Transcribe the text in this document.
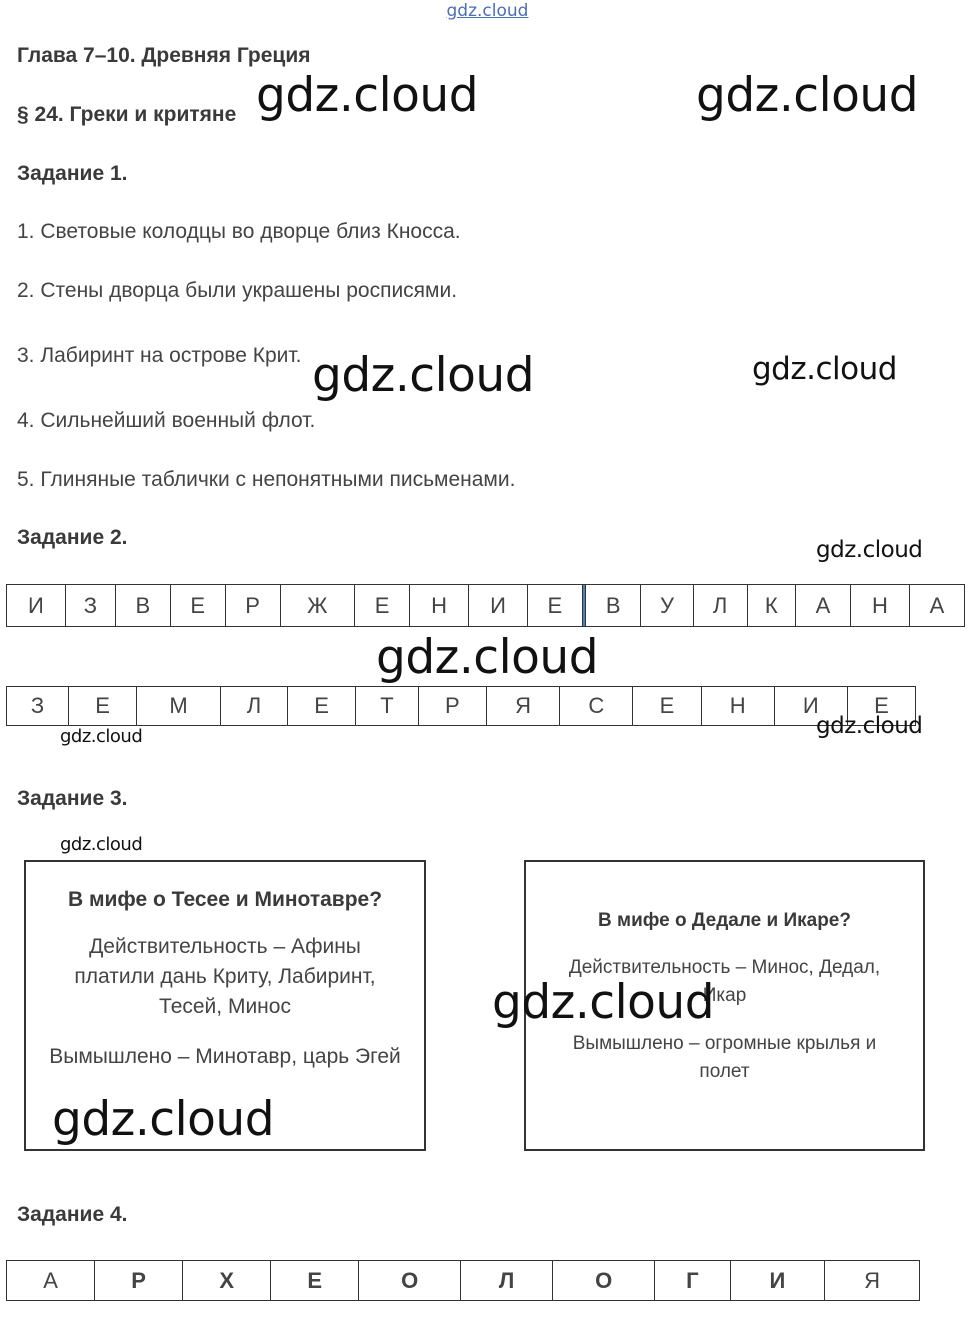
gdz.cloud
Глава 7–10. Древняя Греция
§ 24. Греки и критяне
Задание 1.
1. Световые колодцы во дворце близ Кносса.
2. Стены дворца были украшены росписями.
3. Лабиринт на острове Крит.
4. Сильнейший военный флот.
5. Глиняные таблички с непонятными письменами.
Задание 2.
И	З	В	Е	Р	Ж	Е	Н	И	Е		В	У	Л	К	А	Н	А
З	Е	М	Л	Е	Т	Р	Я	С	Е	Н	И	Е
Задание 3.

В мифе о Тесее и Минотавре?

Действительность – Афины платили дань Криту, Лабиринт, Тесей, Минос

Вымышлено – Минотавр, царь Эгей

В мифе о Дедале и Икаре?

Действительность – Минос, Дедал, Икар

Вымышлено – огромные крылья и полет

Задание 4.
А	Р	Х	Е	О	Л	О	Г	И	Я
gdz.cloud	gdz.cloud
gdz.cloud	gdz.cloud
gdz.cloud
gdz.cloud
gdz.cloud	gdz.cloud
gdz.cloud
gdz.cloud
gdz.cloud
